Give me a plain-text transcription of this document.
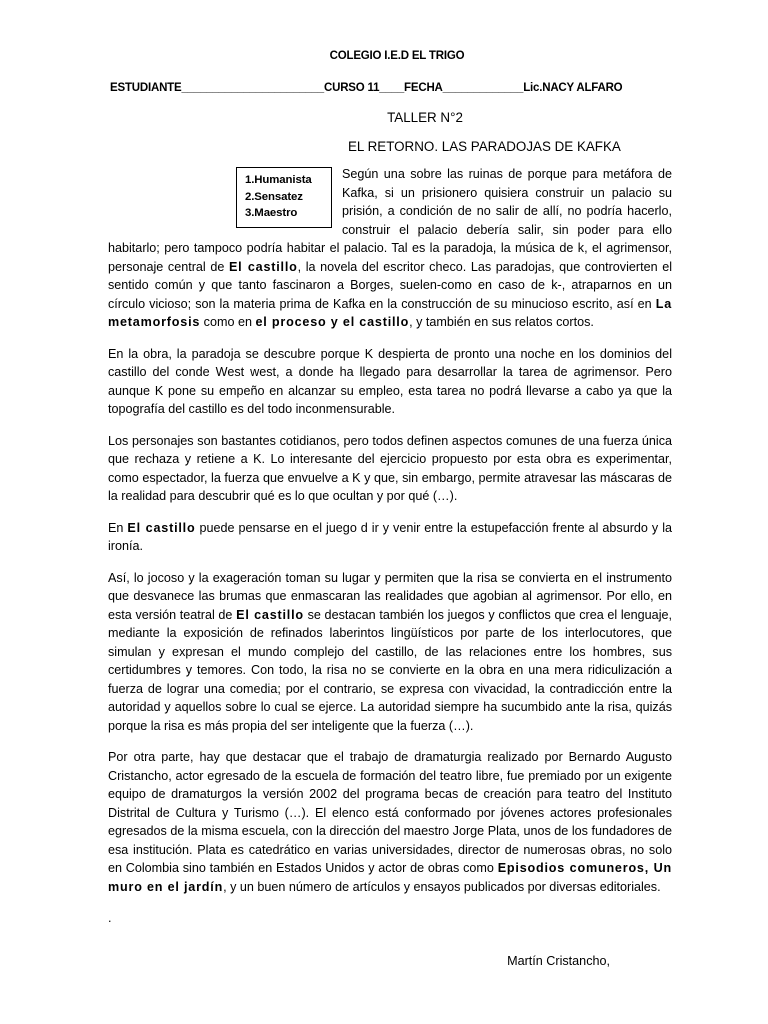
COLEGIO I.E.D EL TRIGO
ESTUDIANTE_______________________CURSO 11____FECHA_____________Lic.NACY ALFARO
TALLER N°2
EL RETORNO. LAS PARADOJAS DE KAFKA
1.Humanista
2.Sensatez
3.Maestro

Según una sobre las ruinas de porque para metáfora de Kafka, si un prisionero quisiera construir un palacio su prisión, a condición de no salir de allí, no podría hacerlo, construir el palacio debería salir, sin poder para ello habitarlo; pero tampoco podría habitar el palacio. Tal es la paradoja, la música de k, el agrimensor, personaje central de El castillo, la novela del escritor checo. Las paradojas, que controvierten el sentido común y que tanto fascinaron a Borges, suelen-como en caso de k-, atraparnos en un círculo vicioso; son la materia prima de Kafka en la construcción de su minucioso escrito, así en La metamorfosis como en el proceso y el castillo, y también en sus relatos cortos.

En la obra, la paradoja se descubre porque K despierta de pronto una noche en los dominios del castillo del conde West west, a donde ha llegado para desarrollar la tarea de agrimensor. Pero aunque K pone su empeño en alcanzar su empleo, esta tarea no podrá llevarse a cabo ya que la topografía del castillo es del todo inconmensurable.

Los personajes son bastantes cotidianos, pero todos definen aspectos comunes de una fuerza única que rechaza y retiene a K. Lo interesante del ejercicio propuesto por esta obra es experimentar, como espectador, la fuerza que envuelve a K y que, sin embargo, permite atravesar las máscaras de la realidad para descubrir qué es lo que ocultan y por qué (…).

En El castillo puede pensarse en el juego d ir y venir entre la estupefacción frente al absurdo y la ironía.

Así, lo jocoso y la exageración toman su lugar y permiten que la risa se convierta en el instrumento que desvanece las brumas que enmascaran las realidades que agobian al agrimensor. Por ello, en esta versión teatral de El castillo se destacan también los juegos y conflictos que crea el lenguaje, mediante la exposición de refinados laberintos lingüísticos por parte de los interlocutores, que simulan y expresan el mundo complejo del castillo, de las relaciones entre los hombres, sus certidumbres y temores. Con todo, la risa no se convierte en la obra en una mera ridiculización a fuerza de lograr una comedia; por el contrario, se expresa con vivacidad, la contradicción entre la autoridad y aquellos sobre lo cual se ejerce. La autoridad siempre ha sucumbido ante la risa, quizás porque la risa es más propia del ser inteligente que la fuerza (…).

Por otra parte, hay que destacar que el trabajo de dramaturgia realizado por Bernardo Augusto Cristancho, actor egresado de la escuela de formación del teatro libre, fue premiado por un exigente equipo de dramaturgos la versión 2002 del programa becas de creación para teatro del Instituto Distrital de Cultura y Turismo (…). El elenco está conformado por jóvenes actores profesionales egresados de la misma escuela, con la dirección del maestro Jorge Plata, unos de los fundadores de esa institución. Plata es catedrático en varias universidades, director de numerosas obras, no solo en Colombia sino también en Estados Unidos y actor de obras como Episodios comuneros, Un muro en el jardín, y un buen número de artículos y ensayos publicados por diversas editoriales.

.

Martín Cristancho,
